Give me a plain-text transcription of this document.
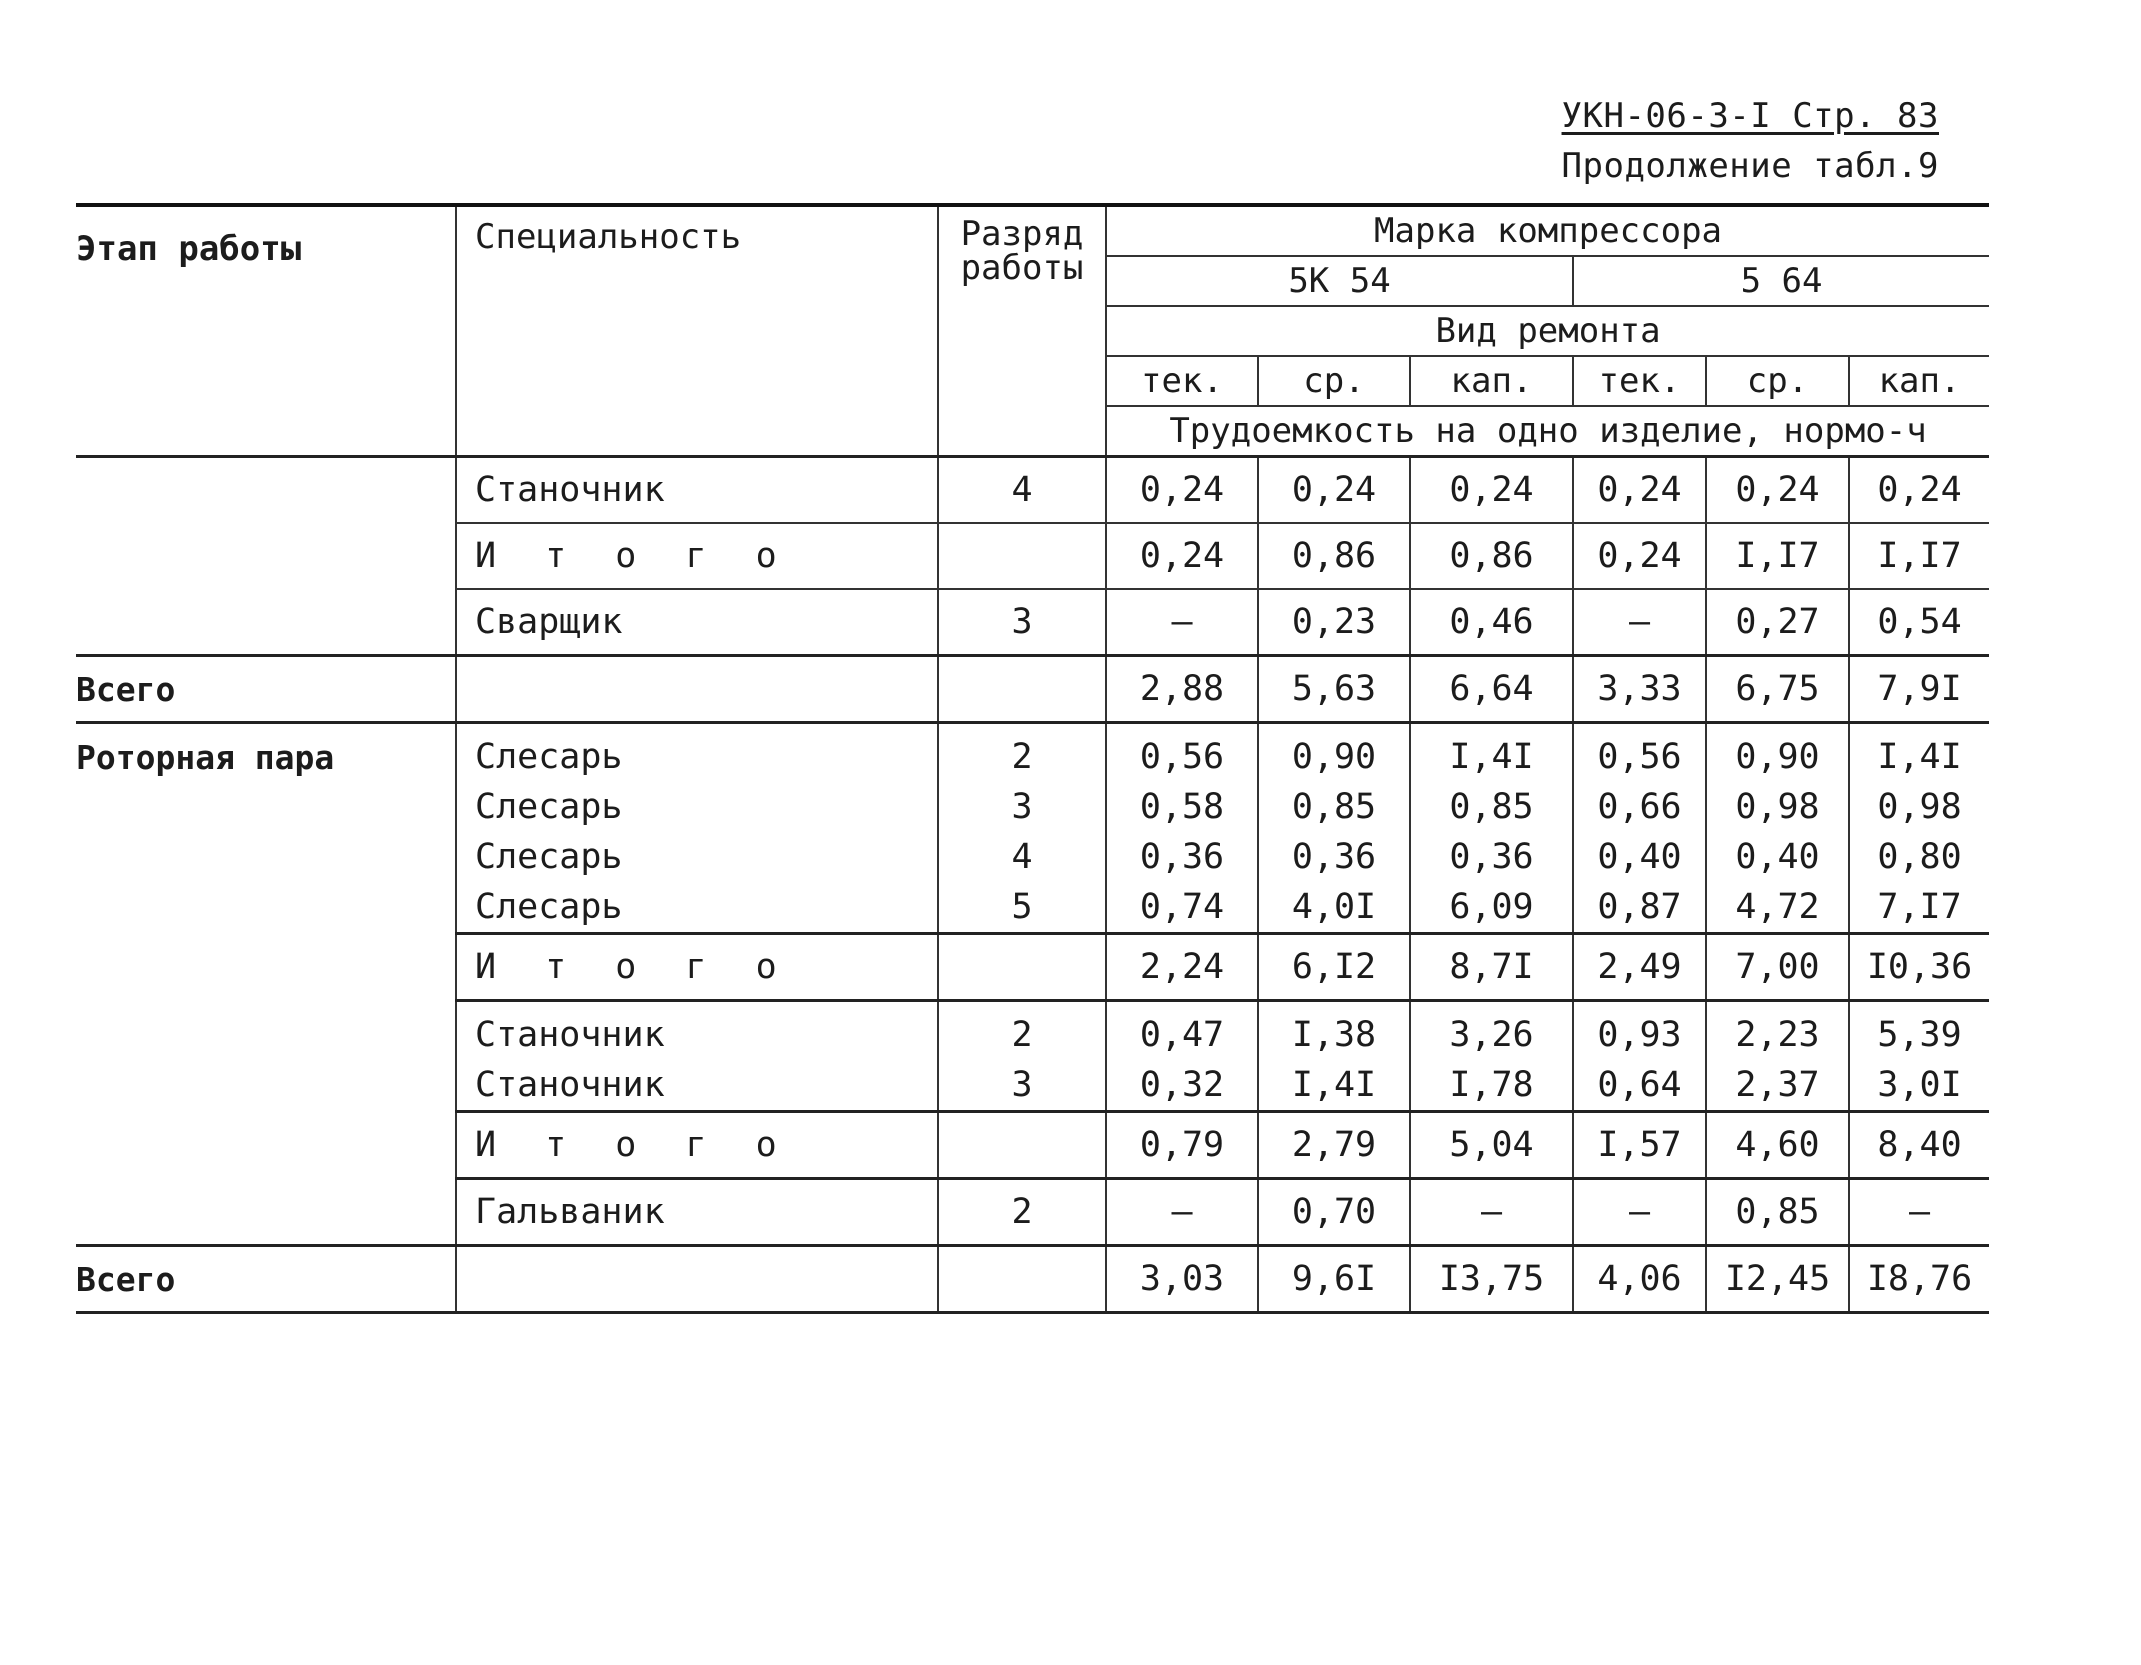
УКН-06-3-I Стр. 83
Продолжение табл.9
Этап работы	Специальность	Разряд работы	Марка компрессора					
			5К 54			5 64		
			Вид ремонта					
			тек.	ср.	кап.	тек.	ср.	кап.
			Трудоемкость на одно изделие, нормо-ч					
	Станочник	4	0,24	0,24	0,24	0,24	0,24	0,24
	И т о г о		0,24	0,86	0,86	0,24	I,I7	I,I7
	Сварщик	3	–	0,23	0,46	–	0,27	0,54
Всего			2,88	5,63	6,64	3,33	6,75	7,9I
Роторная пара	Слесарь	2	0,56	0,90	I,4I	0,56	0,90	I,4I
	Слесарь	3	0,58	0,85	0,85	0,66	0,98	0,98
	Слесарь	4	0,36	0,36	0,36	0,40	0,40	0,80
	Слесарь	5	0,74	4,0I	6,09	0,87	4,72	7,I7
	И т о г о		2,24	6,I2	8,7I	2,49	7,00	I0,36
	Станочник	2	0,47	I,38	3,26	0,93	2,23	5,39
	Станочник	3	0,32	I,4I	I,78	0,64	2,37	3,0I
	И т о г о		0,79	2,79	5,04	I,57	4,60	8,40
	Гальваник	2	–	0,70	–	–	0,85	–
Всего			3,03	9,6I	I3,75	4,06	I2,45	I8,76
